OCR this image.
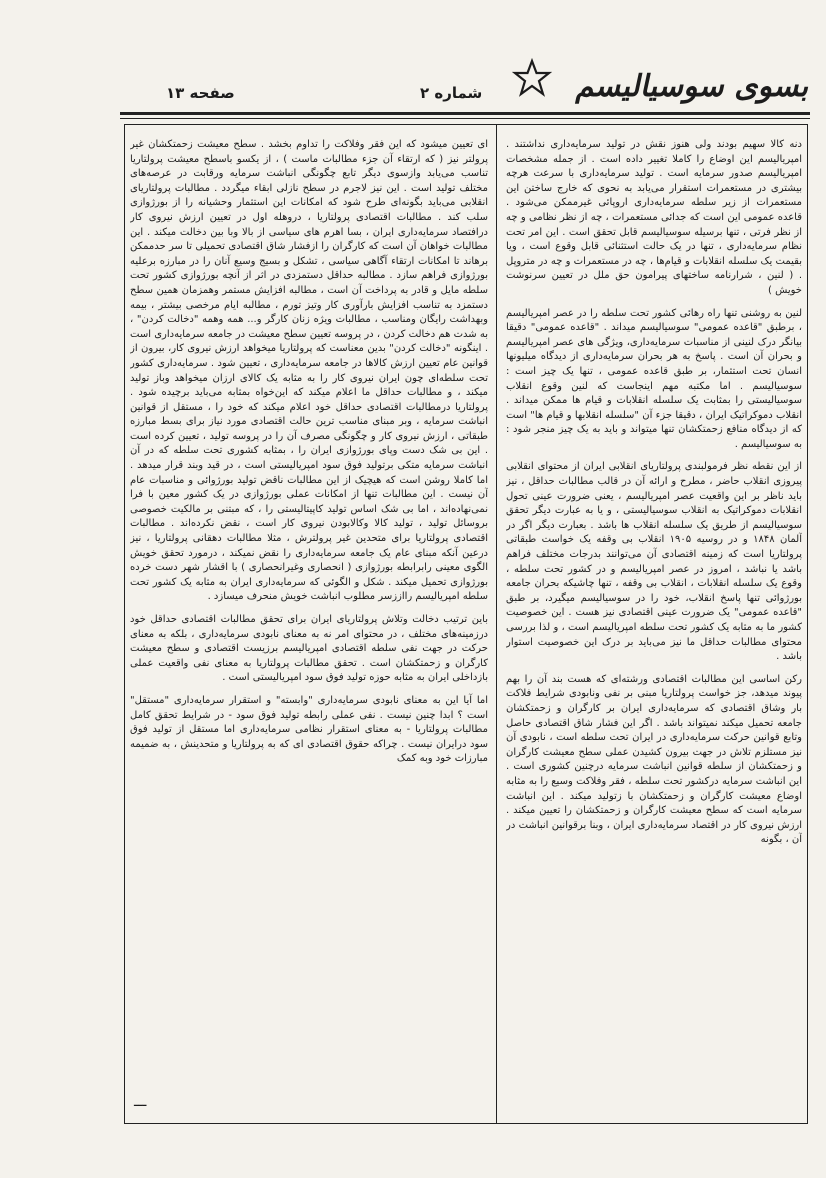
بسوی سوسیالیسم
شماره ۲
صفحه ۱۳

دنه کالا سهیم بودند ولی هنوز نقش در تولید سرمایه‌داری نداشتند . امپریالیسم این اوضاع را کاملا تغییر داده است . از جمله مشخصات امپریالیسم صدور سرمایه است . تولید سرمایه‌داری با سرعت هرچه بیشتری در مستعمرات استقرار می‌یابد به نحوی که خارج ساختن این مستعمرات از زیر سلطه سرمایه‌داری اروپائی غیرممکن می‌شود . قاعده عمومی این است که جدائی مستعمرات ، چه از نظر نظامی و چه از نظر فرتی ، تنها برسیله سوسیالیسم قابل تحقق است . این امر تحت نظام سرمایه‌داری ، تنها در یک حالت استثنائی قابل وقوع است ، ویا بقیمت یک سلسله انقلابات و قیام‌ها ، چه در مستعمرات و چه در متروپل . ( لنین ، شرارنامه ساختهای پیرامون حق ملل در تعیین سرنوشت خویش )

لنین به روشنی تنها راه رهائی کشور تحت سلطه را در عصر امپریالیسم ، برطبق "قاعده عمومی" سوسیالیسم میداند . "قاعده عمومی" دقیقا بیانگر درک لنینی از مناسبات سرمایه‌داری، ویژگی های عصر امپریالیسم و بحران آن است . پاسخ به هر بحران سرمایه‌داری از دیدگاه میلیونها انسان تحت استثمار، بر طبق قاعده عمومی ، تنها یک چیز است : سوسیالیسم . اما مکتبه مهم اینجاست که لنین وقوع انقلاب سوسیالیستی را بمثابت یک سلسله انقلابات و قیام ها ممکن میداند . انقلاب دموکراتیک ایران ، دقیقا جزء آن "سلسله انقلابها و قیام ها" است که از دیدگاه منافع زحمتکشان تنها میتواند و باید به یک چیز منجر شود : به سوسیالیسم .

از این نقطه نظر فرمولبندی پرولتاریای انقلابی ایران از محتوای انقلابی پیروزی انقلاب حاضر ، مطرح و ارائه آن در قالب مطالبات حداقل ، نیز باید ناظر بر این واقعیت عصر امپریالیسم ، یعنی ضرورت عینی تحول انقلابات دموکراتیک به انقلاب سوسیالیستی ، و یا به عبارت دیگر تحقق سوسیالیسم از طریق یک سلسله انقلاب ها باشد . بعبارت دیگر اگر در آلمان ۱۸۴۸ و در روسیه ۱۹۰۵ انقلاب بی وقفه یک خواست طبقاتی پرولتاریا است که زمینه اقتصادی آن می‌توانند بدرجات مختلف فراهم باشد یا نباشد ، امروز در عصر امپریالیسم و در کشور تحت سلطه ، وقوع یک سلسله انقلابات ، انقلاب بی وقفه ، تنها چاشیکه بحران جامعه بورژوائی تنها پاسخ انقلاب، خود را در سوسیالیسم میگیرد، بر طبق "قاعده عمومی" یک ضرورت عینی اقتصادی نیز هست . این خصوصیت کشور ما به مثابه یک کشور تحت سلطه امپریالیسم است ، و لذا بررسی محتوای مطالبات حداقل ما نیز می‌باید بر درک این خصوصیت استوار باشد .

رکن اساسی این مطالبات اقتصادی ورشته‌ای که هست بند آن را بهم پیوند میدهد، جز خواست پرولتاریا مبنی بر نفی ونابودی شرایط فلاکت بار وشاق اقتصادی که سرمایه‌داری ایران بر کارگران و زحمتکشان جامعه تحمیل میکند نمیتواند باشد . اگر این فشار شاق اقتصادی حاصل وتابع قوانین حرکت سرمایه‌داری در ایران تحت سلطه است ، نابودی آن نیز مستلزم تلاش در جهت بیرون کشیدن عملی سطح معیشت کارگران و زحمتکشان از سلطه قوانین انباشت سرمایه درچنین کشوری است . این انباشت سرمایه درکشور تحت سلطه ، فقر وفلاکت وسیع را به مثابه اوضاع معیشت کارگران و زحمتکشان با زتولید میکند . این انباشت سرمایه است که سطح معیشت کارگران و زحمتکشان را تعیین میکند . ارزش نیروی کار در اقتصاد سرمایه‌داری ایران ، وبنا برقوانین انباشت در آن ، بگونه

ای تعیین میشود که این فقر وفلاکت را تداوم بخشد . سطح معیشت زحمتکشان غیر پرولتر نیز ( که ارتقاء آن جزء مطالبات ماست ) ، از یکسو باسطح معیشت پرولتاریا تناسب می‌یابد وازسوی دیگر تابع چگونگی انباشت سرمایه ورقابت در عرصه‌های مختلف تولید است . این نیز لاجرم در سطح نازلی ابقاء میگردد . مطالبات پرولتاریای انقلابی می‌باید بگونه‌ای طرح شود که امکانات این استثمار وحشیانه را از بورژوازی سلب کند . مطالبات اقتصادی پرولتاریا ، دروهله اول در تعیین ارزش نیروی کار درافتصاد سرمایه‌داری ایران ، بسا اهرم های سیاسی از بالا وبا بین دخالت میکند . این مطالبات خواهان آن است که کارگران را ازفشار شاق اقتصادی تحمیلی تا سر حدممکن برهاند تا امکانات ارتقاء آگاهی سیاسی ، تشکل و بسیج وسیع آنان را در مبارزه برعلیه بورژوازی فراهم سازد . مطالبه حداقل دستمزدی در اثر از آنچه بورژوازی کشور تحت سلطه مایل و قادر به پرداخت آن است ، مطالبه افزایش مستمر وهمزمان همین سطح دستمزد به تناسب افزایش بارآوری کار وتیز تورم ، مطالبه ایام مرخصی بیشتر ، بیمه وبهداشت رایگان ومناسب ، مطالبات ویژه زنان کارگر و... همه وهمه "دخالت کردن" ، به شدت هم دخالت کردن ، در پروسه تعیین سطح معیشت در جامعه سرمایه‌داری است . اینگونه "دخالت کردن" بدین معناست که پرولتاریا میخواهد ارزش نیروی کار، بیرون از قوانین عام تعیین ارزش کالاها در جامعه سرمایه‌داری ، تعیین شود . سرمایه‌داری کشور تحت سلطه‌ای چون ایران نیروی کار را به مثابه یک کالای ارزان میخواهد وباز تولید میکند ، و مطالبات حداقل ما اعلام میکند که این‌خواه بمثابه می‌باید برچیده شود . پرولتاریا درمطالبات اقتصادی حداقل خود اعلام میکند که خود را ، مستقل از قوانین انباشت سرمایه ، وبر مبنای مناسب ترین حالت اقتصادی مورد نیاز برای بسط مبارزه طبقاتی ، ارزش نیروی کار و چگونگی مصرف آن را در پروسه تولید ، تعیین کرده است . این بی شک دست وپای بورژوازی ایران را ، بمثابه کشوری تحت سلطه که در آن انباشت سرمایه متکی برتولید فوق سود امپریالیستی است ، در قید وبند قرار میدهد . اما کاملا روشن است که هیچیک از این مطالبات ناقض تولید بورژوائی و مناسبات عام آن نیست . این مطالبات تنها از امکانات عملی بورژوازی در یک کشور معین با فرا نمی‌نهاده‌اند ، اما بی شک اساس تولید کاپیتالیستی را ، که مبتنی بر مالکیت خصوصی بروسائل تولید ، تولید کالا وکالابودن نیروی کار است ، نقض نکرده‌اند . مطالبات اقتصادی پرولتاریا برای متحدین غیر پرولترش ، مثلا مطالبات دهقانی پرولتاریا ، نیز درعین آنکه مبنای عام یک جامعه سرمایه‌داری را نقض نمیکند ، درمورد تحقق خویش الگوی معینی رابرابطه بورژوازی ( انحصاری وغیرانحصاری ) با اقشار شهر دست خرده بورژوازی تحمیل میکند . شکل و الگوئی که سرمایه‌داری ایران به مثابه یک کشور تحت سلطه امپریالیسم رااززسر مطلوب انباشت خویش منحرف میسازد .

باین ترتیب دخالت وتلاش پرولتاریای ایران برای تحقق مطالبات اقتصادی حداقل خود درزمینه‌های مختلف ، در محتوای امر نه به معنای نابودی سرمایه‌داری ، بلکه به معنای حرکت در جهت نفی سلطه اقتصادی امپریالیسم برزیست اقتصادی و سطح معیشت کارگران و زحمتکشان است . تحقق مطالبات پرولتاریا به معنای نفی واقعیت عملی بازداخلی ایران به مثابه حوزه تولید فوق سود امپریالیستی است .

اما آیا این به معنای نابودی سرمایه‌داری "وابسته" و استقرار سرمایه‌داری "مستقل" است ؟ ابدا چنین نیست . نفی عملی رابطه تولید فوق سود - در شرایط تحقق کامل مطالبات پرولتاریا - به معنای استقرار نظامی سرمایه‌داری اما مستقل از تولید فوق سود درایران نیست . چراکه حقوق اقتصادی ای که به پرولتاریا و متحدینش ، به ضمیمه مبارزات خود وبه کمک

ـــ
